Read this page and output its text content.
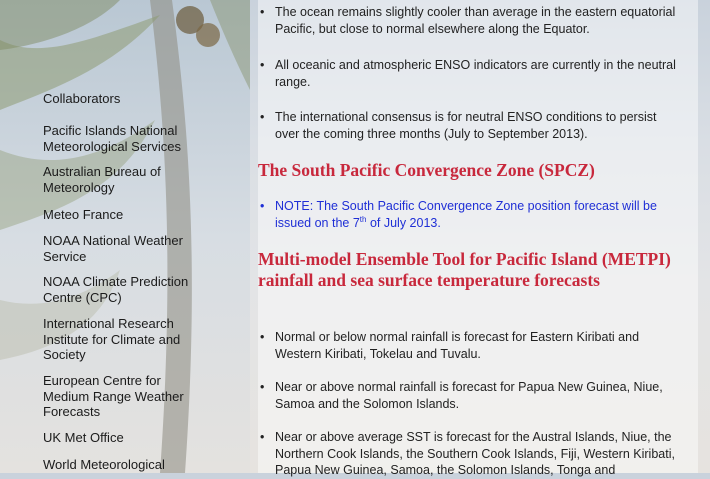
Collaborators
Pacific Islands National Meteorological Services
Australian Bureau of Meteorology
Meteo France
NOAA National Weather Service
NOAA Climate Prediction Centre (CPC)
International Research Institute for Climate and Society
European Centre for Medium Range Weather Forecasts
UK Met Office
World Meteorological
• The ocean remains slightly cooler than average in the eastern equatorial Pacific, but close to normal elsewhere along the Equator.
• All oceanic and atmospheric ENSO indicators are currently in the neutral range.
• The international consensus is for neutral ENSO conditions to persist over the coming three months (July to September 2013).
The South Pacific Convergence Zone (SPCZ)
• NOTE: The South Pacific Convergence Zone position forecast will be issued on the 7th of July 2013.
Multi-model Ensemble Tool for Pacific Island (METPI) rainfall and sea surface temperature forecasts
• Normal or below normal rainfall is forecast for Eastern Kiribati and Western Kiribati, Tokelau and Tuvalu.
• Near or above normal rainfall is forecast for Papua New Guinea, Niue, Samoa and the Solomon Islands.
• Near or above average SST is forecast for the Austral Islands, Niue, the Northern Cook Islands, the Southern Cook Islands, Fiji, Western Kiribati, Papua New Guinea, Samoa, the Solomon Islands, Tonga and
